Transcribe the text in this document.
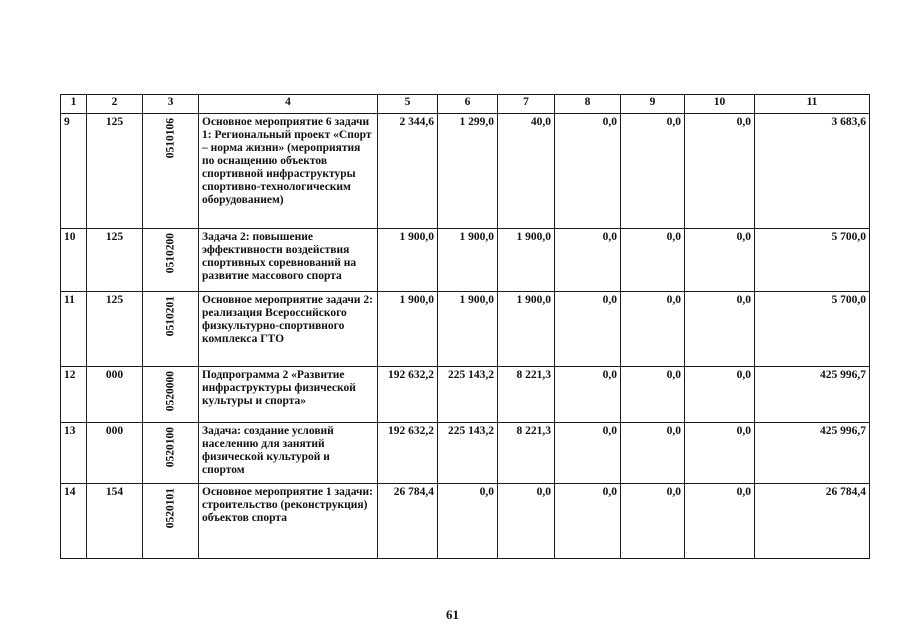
1	2	3	4	5	6	7	8	9	10	11
9	125	0510106	Основное мероприятие 6 задачи 1: Региональный проект «Спорт – норма жизни» (мероприятия по оснащению объектов спортивной инфраструктуры спортивно-технологическим оборудованием)	2 344,6	1 299,0	40,0	0,0	0,0	0,0	3 683,6
10	125	0510200	Задача 2: повышение эффективности воздействия спортивных соревнований на развитие массового спорта	1 900,0	1 900,0	1 900,0	0,0	0,0	0,0	5 700,0
11	125	0510201	Основное мероприятие задачи 2: реализация Всероссийского физкультурно-спортивного комплекса ГТО	1 900,0	1 900,0	1 900,0	0,0	0,0	0,0	5 700,0
12	000	0520000	Подпрограмма 2 «Развитие инфраструктуры физической культуры и спорта»	192 632,2	225 143,2	8 221,3	0,0	0,0	0,0	425 996,7
13	000	0520100	Задача: создание условий населению для занятий физической культурой и спортом	192 632,2	225 143,2	8 221,3	0,0	0,0	0,0	425 996,7
14	154	0520101	Основное мероприятие 1 задачи: строительство (реконструкция) объектов спорта	26 784,4	0,0	0,0	0,0	0,0	0,0	26 784,4
61
